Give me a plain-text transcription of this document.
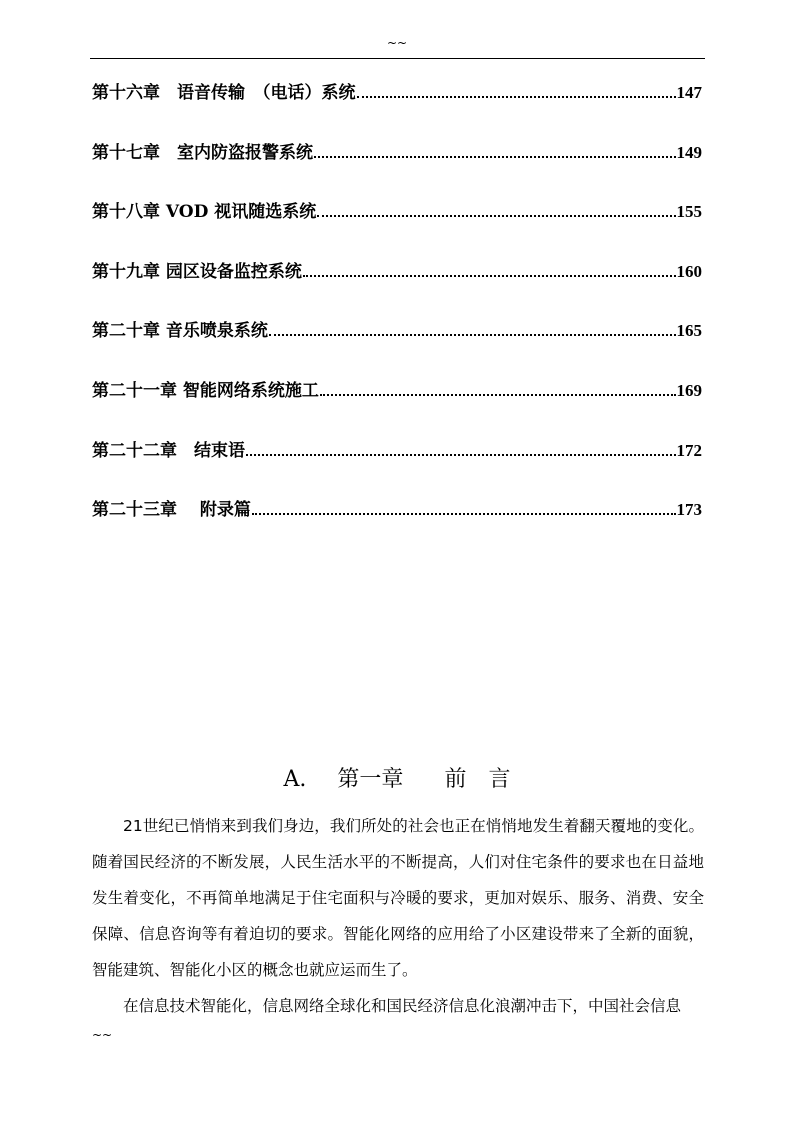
~~
第十六章　语音传输　（电话）系统	147
第十七章　室内防盗报警系统	149
第十八章 VOD 视讯随选系统	155
第十九章 园区设备监控系统	160
第二十章 音乐喷泉系统	165
第二十一章 智能网络系统施工	169
第二十二章　结束语	172
第二十三章　 附录篇	173
A. 第一章 前　言

21世纪已悄悄来到我们身边，我们所处的社会也正在悄悄地发生着翻天覆地的变化。随着国民经济的不断发展，人民生活水平的不断提高，人们对住宅条件的要求也在日益地发生着变化，不再简单地满足于住宅面积与冷暖的要求，更加对娱乐、服务、消费、安全保障、信息咨询等有着迫切的要求。智能化网络的应用给了小区建设带来了全新的面貌，智能建筑、智能化小区的概念也就应运而生了。

在信息技术智能化，信息网络全球化和国民经济信息化浪潮冲击下，中国社会信息

~~
